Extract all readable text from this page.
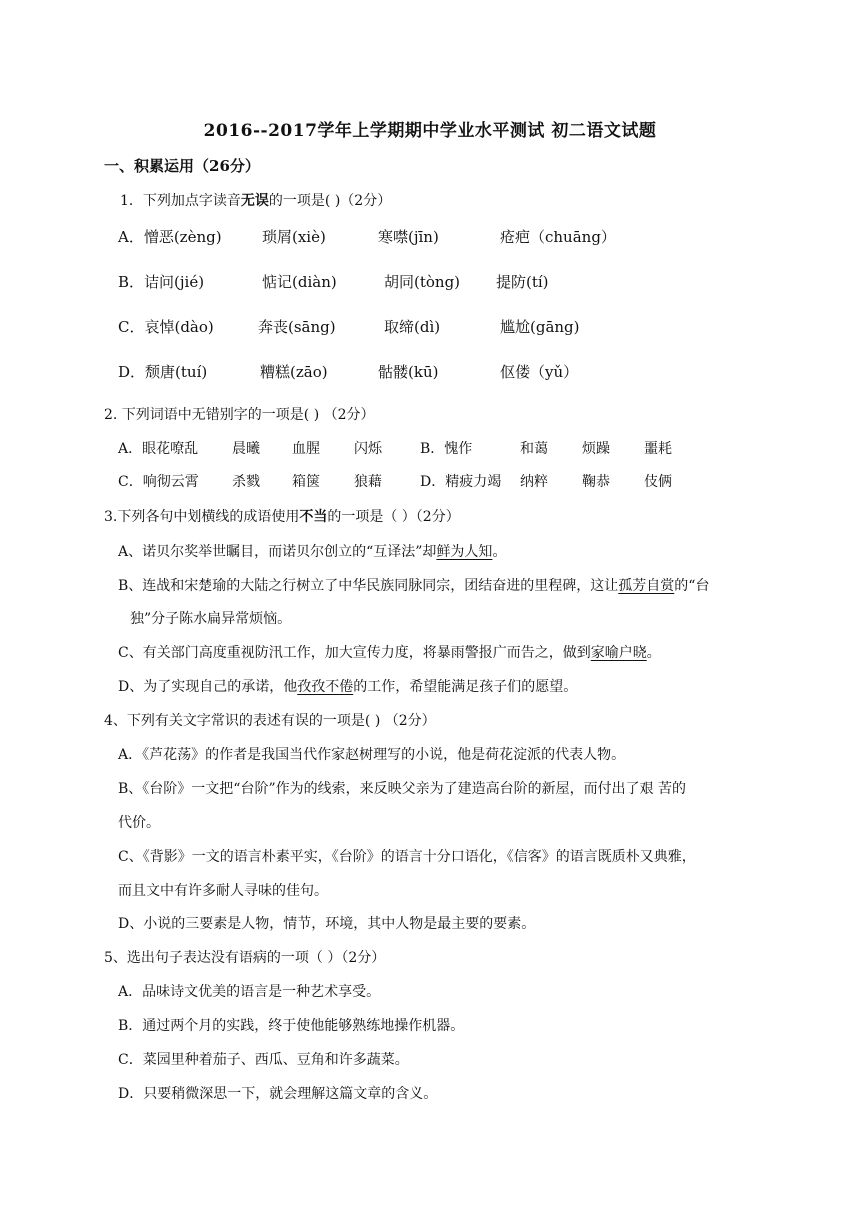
2016--2017学年上学期期中学业水平测试 初二语文试题
一、积累运用（26分）
1．下列加点字读音无误的一项是( )（2分）
A．憎恶(zèng)	琐屑(xiè)	寒噤(jīn)	疮疤（chuāng）
B．诘问(jié)	惦记(diàn)	胡同(tòng) 提防(tí)
C．哀悼(dào)	奔丧(sāng)	取缔(dì)	尴尬(gāng)
D．颓唐(tuí)	糟糕(zāo)	骷髅(kū)	伛偻（yǔ）
2. 下列词语中无错别字的一项是( ) （2分）
A．眼花嘹乱 晨曦 血腥 闪烁	B．愧作	和蔼 烦躁 噩耗
C．响彻云霄 杀戮 箱箧 狼藉	D．精疲力竭 纳粹 鞠恭 伎俩
3.下列各句中划横线的成语使用不当的一项是（ ）（2分）
A、诺贝尔奖举世瞩目，而诺贝尔创立的“互译法”却鲜为人知。
B、连战和宋楚瑜的大陆之行树立了中华民族同脉同宗，团结奋进的里程碑，这让孤芳自赏的“台
独”分子陈水扁异常烦恼。
C、有关部门高度重视防汛工作，加大宣传力度，将暴雨警报广而告之，做到家喻户晓。
D、为了实现自己的承诺，他孜孜不倦的工作，希望能满足孩子们的愿望。
4、下列有关文字常识的表述有误的一项是( ) （2分）
A．《芦花荡》的作者是我国当代作家赵树理写的小说，他是荷花淀派的代表人物。
B、《台阶》一文把“台阶”作为的线索，来反映父亲为了建造高台阶的新屋，而付出了艰 苦的
代价。
C、《背影》一文的语言朴素平实，《台阶》的语言十分口语化，《信客》的语言既质朴又典雅，
而且文中有许多耐人寻味的佳句。
D、小说的三要素是人物，情节，环境，其中人物是最主要的要素。
5、选出句子表达没有语病的一项（ ）（2分）
A．品味诗文优美的语言是一种艺术享受。
B．通过两个月的实践，终于使他能够熟练地操作机器。
C．菜园里种着茄子、西瓜、豆角和许多蔬菜。
D．只要稍微深思一下，就会理解这篇文章的含义。
